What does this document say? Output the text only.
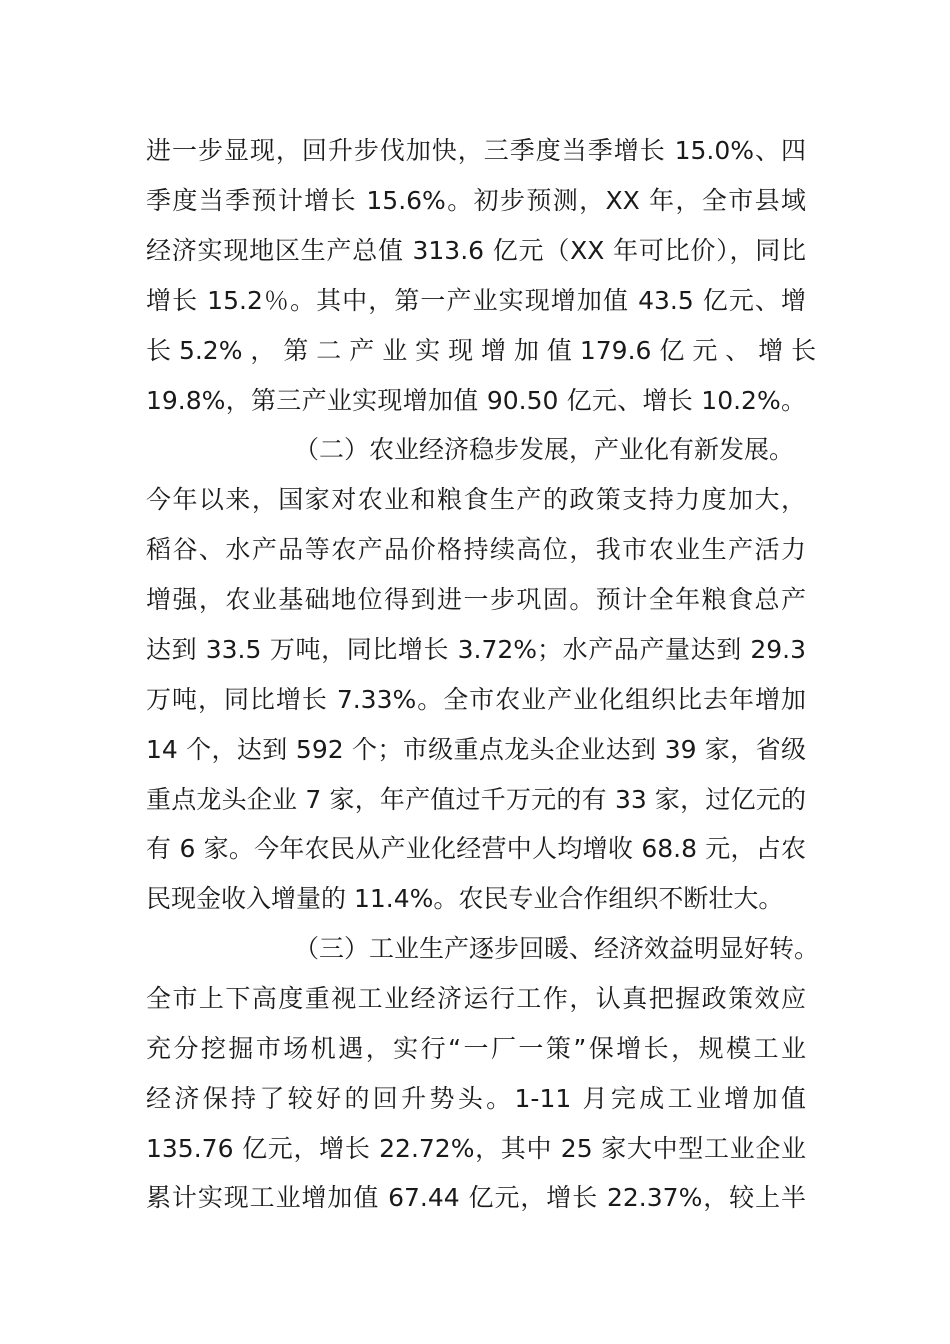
进一步显现，回升步伐加快，三季度当季增长 15.0%、四
季度当季预计增长 15.6%。初步预测，XX 年，全市县域
经济实现地区生产总值 313.6 亿元（XX 年可比价），同比
增长 15.2％。其中，第一产业实现增加值 43.5 亿元、增
长 5.2% ， 第 二 产 业 实 现 增 加 值 179.6 亿 元 、 增 长
19.8%，第三产业实现增加值 90.50 亿元、增长 10.2%。
（二）农业经济稳步发展，产业化有新发展。
今年以来，国家对农业和粮食生产的政策支持力度加大，
稻谷、水产品等农产品价格持续高位，我市农业生产活力
增强，农业基础地位得到进一步巩固。预计全年粮食总产
达到 33.5 万吨，同比增长 3.72%；水产品产量达到 29.3
万吨，同比增长 7.33%。全市农业产业化组织比去年增加
14 个，达到 592 个；市级重点龙头企业达到 39 家，省级
重点龙头企业 7 家，年产值过千万元的有 33 家，过亿元的
有 6 家。今年农民从产业化经营中人均增收 68.8 元，占农
民现金收入增量的 11.4%。农民专业合作组织不断壮大。
（三）工业生产逐步回暖、经济效益明显好转。
全市上下高度重视工业经济运行工作，认真把握政策效应
充分挖掘市场机遇，实行“一厂一策”保增长，规模工业
经济保持了较好的回升势头。1-11 月完成工业增加值
135.76 亿元，增长 22.72%，其中 25 家大中型工业企业
累计实现工业增加值 67.44 亿元，增长 22.37%，较上半
